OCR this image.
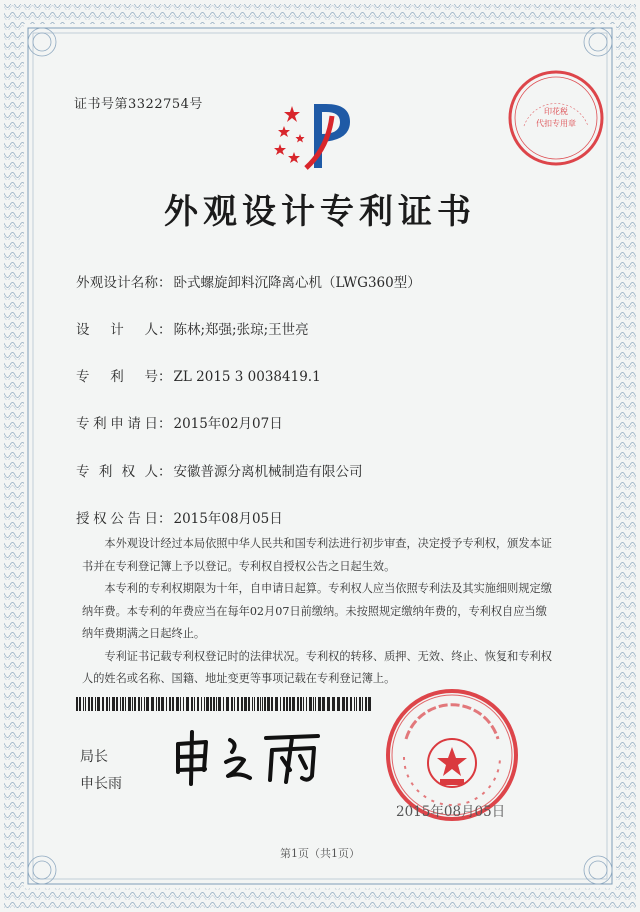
证书号第3322754号
外观设计专利证书
外观设计名称： 卧式螺旋卸料沉降离心机（LWG360型）
设计人： 陈林;郑强;张琼;王世亮
专利号： ZL 2015 3 0038419.1
专利申请日： 2015年02月07日
专利权人： 安徽普源分离机械制造有限公司
授权公告日： 2015年08月05日

本外观设计经过本局依照中华人民共和国专利法进行初步审查，决定授予专利权，颁发本证书并在专利登记簿上予以登记。专利权自授权公告之日起生效。

本专利的专利权期限为十年，自申请日起算。专利权人应当依照专利法及其实施细则规定缴纳年费。本专利的年费应当在每年02月07日前缴纳。未按照规定缴纳年费的，专利权自应当缴纳年费期满之日起终止。

专利证书记载专利权登记时的法律状况。专利权的转移、质押、无效、终止、恢复和专利权人的姓名或名称、国籍、地址变更等事项记载在专利登记簿上。

局长
申长雨
印花税
代扣专用章
2015年08月05日
第1页（共1页）
